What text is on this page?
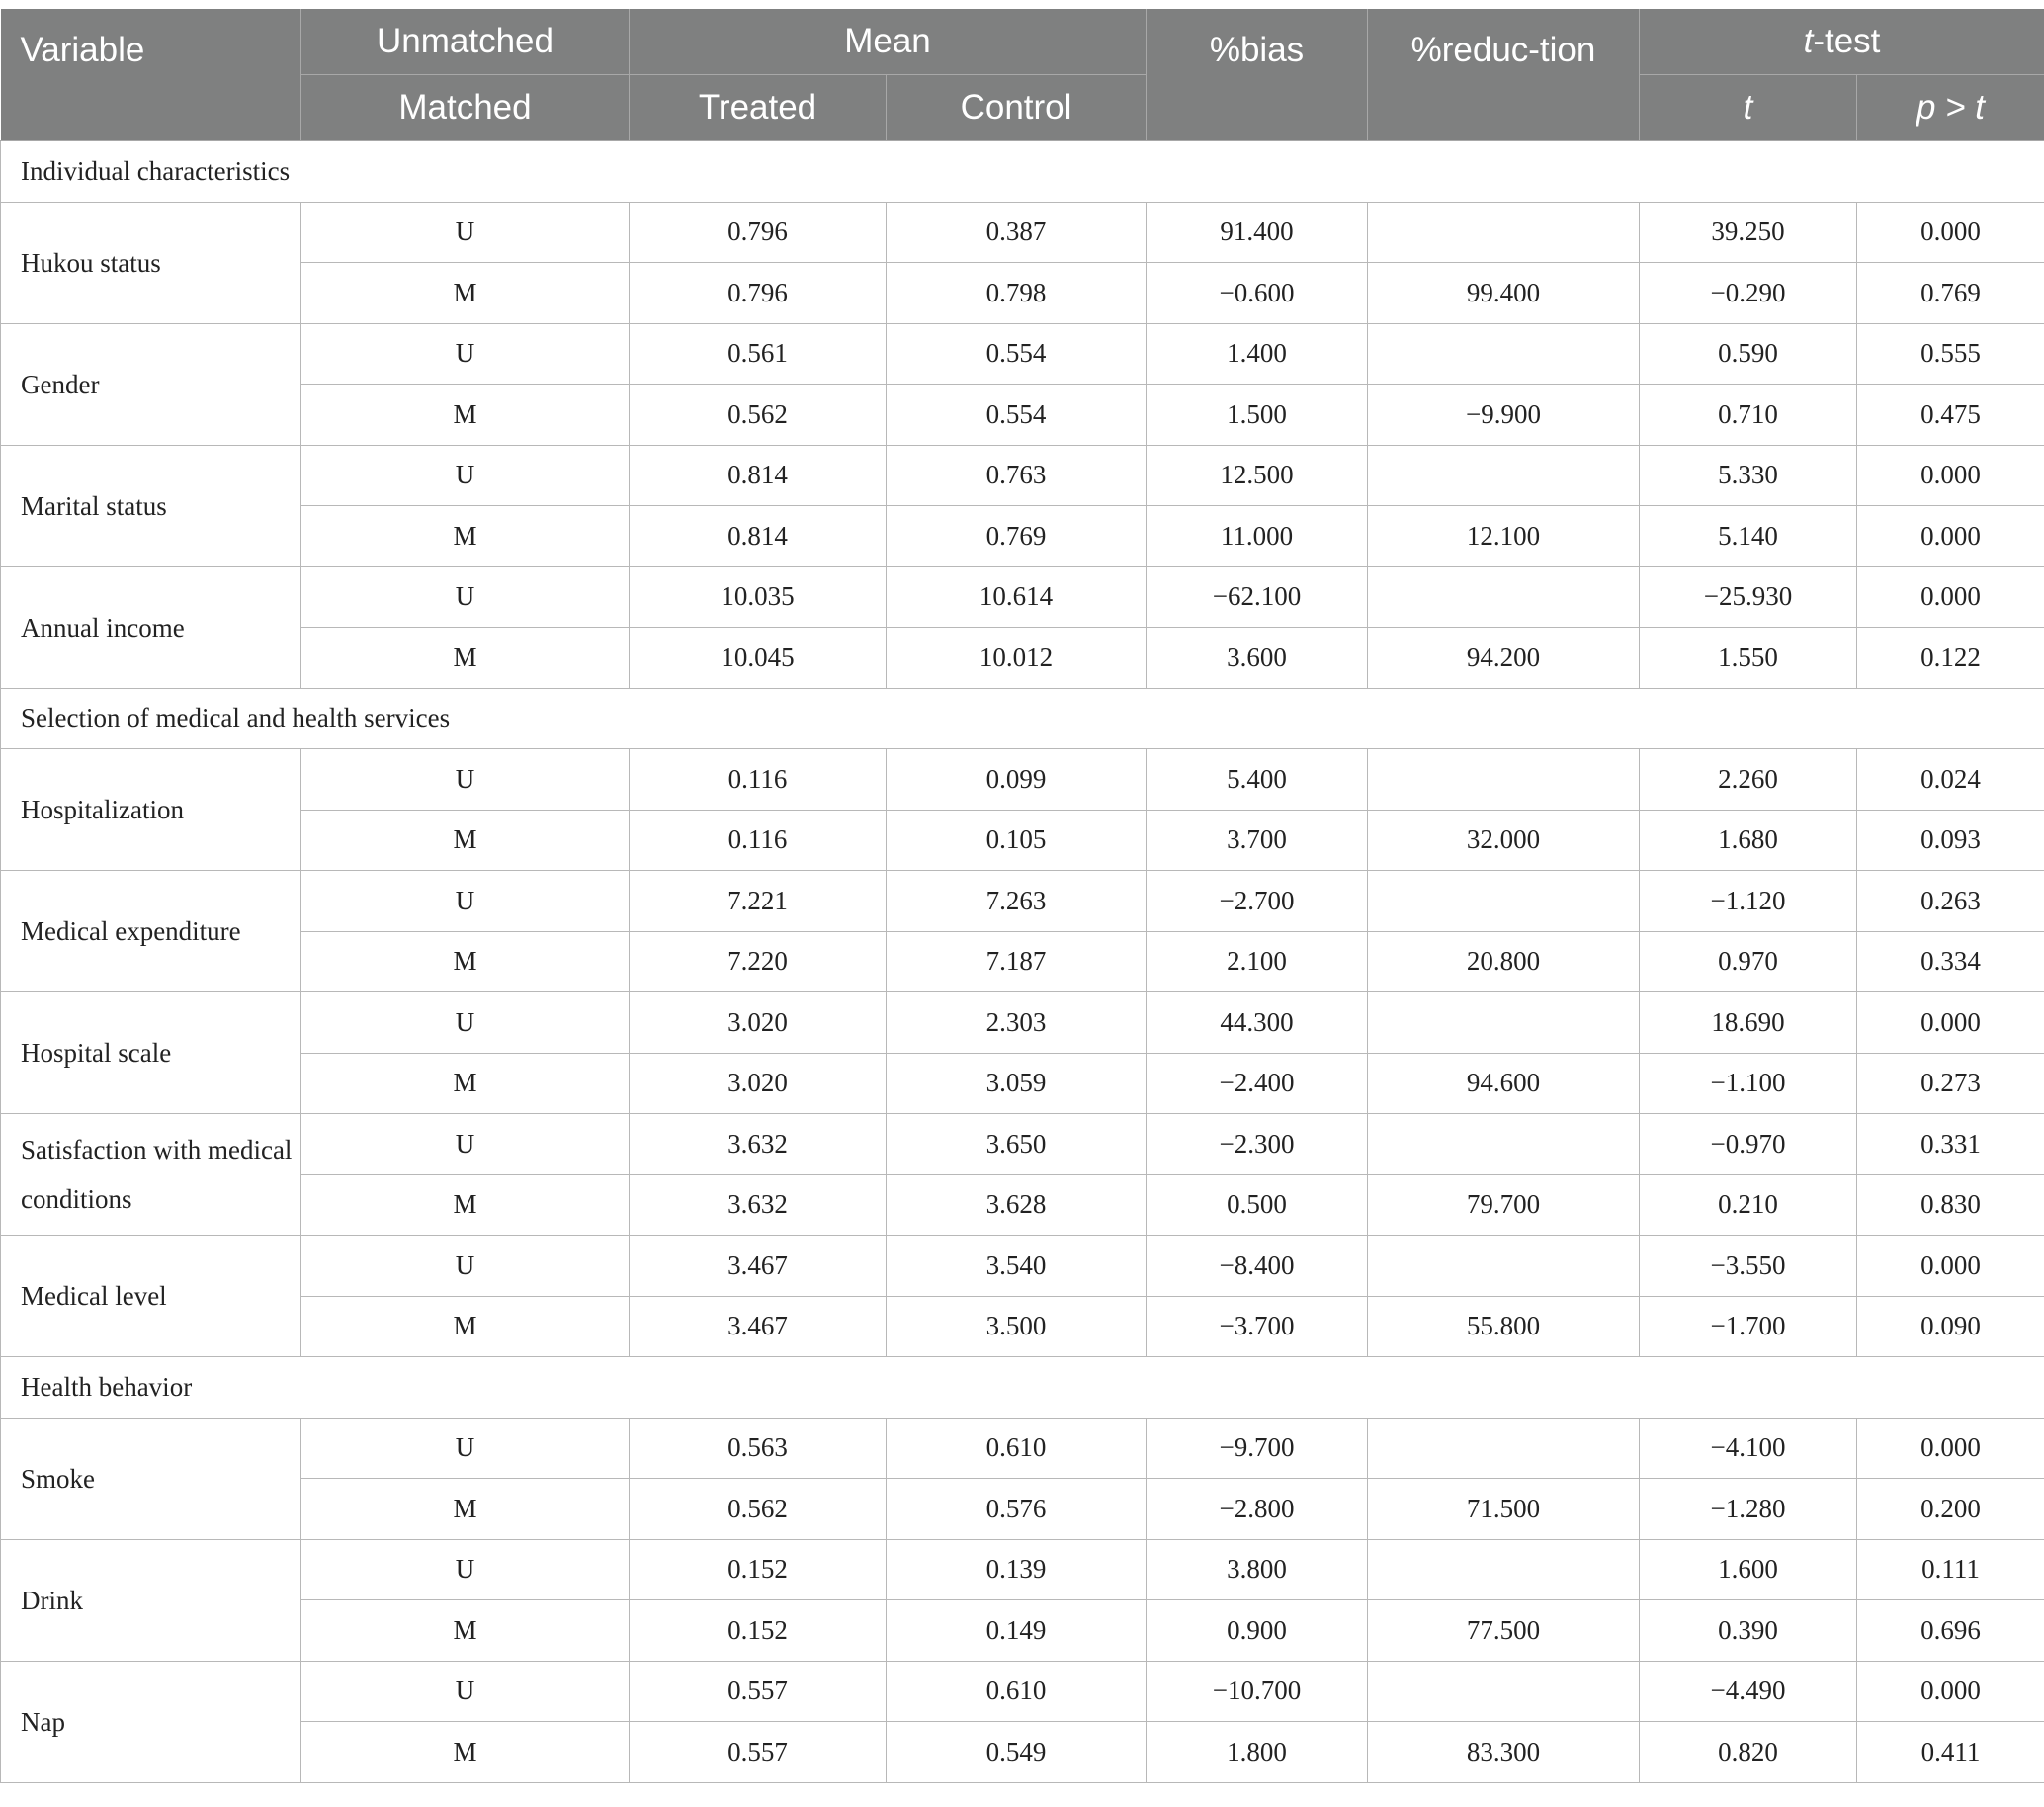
Variable	Unmatched	Mean		%bias	%reduc-tion	t-test	
	Matched	Treated	Control			t	p > t
Individual characteristics							
Hukou status	U	0.796	0.387	91.400		39.250	0.000
	M	0.796	0.798	−0.600	99.400	−0.290	0.769
Gender	U	0.561	0.554	1.400		0.590	0.555
	M	0.562	0.554	1.500	−9.900	0.710	0.475
Marital status	U	0.814	0.763	12.500		5.330	0.000
	M	0.814	0.769	11.000	12.100	5.140	0.000
Annual income	U	10.035	10.614	−62.100		−25.930	0.000
	M	10.045	10.012	3.600	94.200	1.550	0.122
Selection of medical and health services							
Hospitalization	U	0.116	0.099	5.400		2.260	0.024
	M	0.116	0.105	3.700	32.000	1.680	0.093
Medical expenditure	U	7.221	7.263	−2.700		−1.120	0.263
	M	7.220	7.187	2.100	20.800	0.970	0.334
Hospital scale	U	3.020	2.303	44.300		18.690	0.000
	M	3.020	3.059	−2.400	94.600	−1.100	0.273
Satisfaction with medical conditions	U	3.632	3.650	−2.300		−0.970	0.331
	M	3.632	3.628	0.500	79.700	0.210	0.830
Medical level	U	3.467	3.540	−8.400		−3.550	0.000
	M	3.467	3.500	−3.700	55.800	−1.700	0.090
Health behavior							
Smoke	U	0.563	0.610	−9.700		−4.100	0.000
	M	0.562	0.576	−2.800	71.500	−1.280	0.200
Drink	U	0.152	0.139	3.800		1.600	0.111
	M	0.152	0.149	0.900	77.500	0.390	0.696
Nap	U	0.557	0.610	−10.700		−4.490	0.000
	M	0.557	0.549	1.800	83.300	0.820	0.411
